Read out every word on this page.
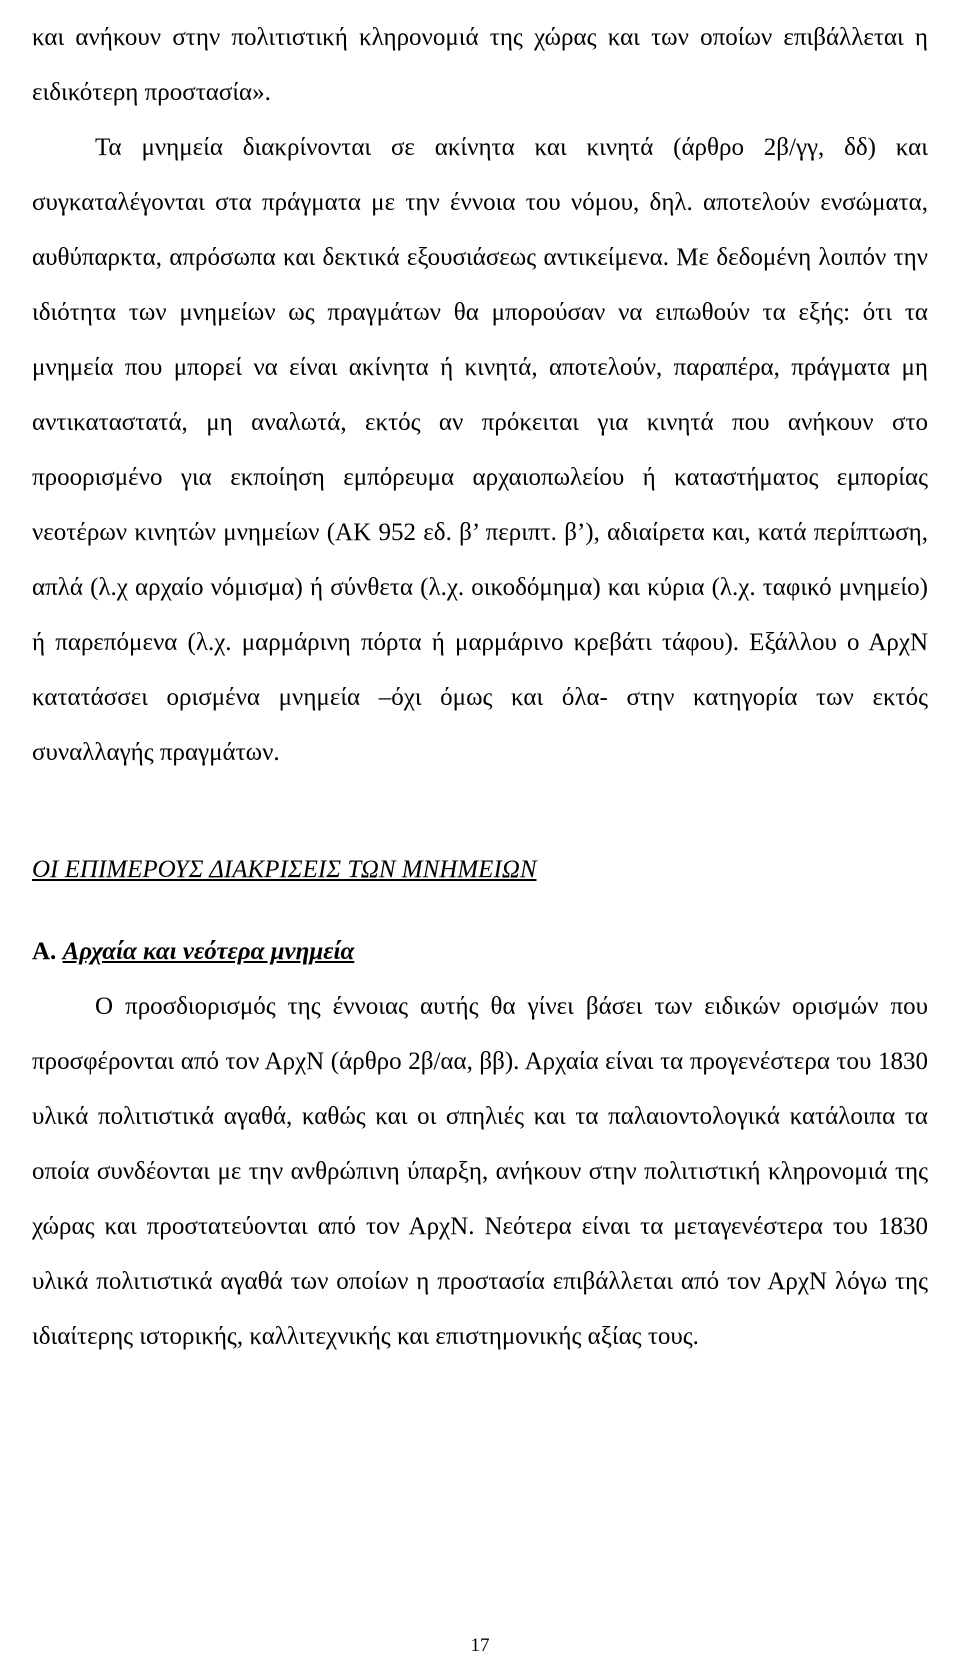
και ανήκουν στην πολιτιστική κληρονομιά της χώρας και των οποίων επιβάλλεται η ειδικότερη προστασία».

Τα μνημεία διακρίνονται σε ακίνητα και κινητά (άρθρο 2β/γγ, δδ) και συγκαταλέγονται στα πράγματα με την έννοια του νόμου, δηλ. αποτελούν ενσώματα, αυθύπαρκτα, απρόσωπα και δεκτικά εξουσιάσεως αντικείμενα. Με δεδομένη λοιπόν την ιδιότητα των μνημείων ως πραγμάτων θα μπορούσαν να ειπωθούν τα εξής: ότι τα μνημεία που μπορεί να είναι ακίνητα ή κινητά, αποτελούν, παραπέρα, πράγματα μη αντικαταστατά, μη αναλωτά, εκτός αν πρόκειται για κινητά που ανήκουν στο προορισμένο για εκποίηση εμπόρευμα αρχαιοπωλείου ή καταστήματος εμπορίας νεοτέρων κινητών μνημείων (ΑΚ 952 εδ. β’ περιπτ. β’), αδιαίρετα και, κατά περίπτωση, απλά (λ.χ αρχαίο νόμισμα) ή σύνθετα (λ.χ. οικοδόμημα) και κύρια (λ.χ. ταφικό μνημείο) ή παρεπόμενα (λ.χ. μαρμάρινη πόρτα ή μαρμάρινο κρεβάτι τάφου). Εξάλλου ο ΑρχΝ κατατάσσει ορισμένα μνημεία –όχι όμως και όλα- στην κατηγορία των εκτός συναλλαγής πραγμάτων.

ΟΙ ΕΠΙΜΕΡΟΥΣ ΔΙΑΚΡΙΣΕΙΣ ΤΩΝ ΜΝΗΜΕΙΩΝ
Α. Αρχαία και νεότερα μνημεία

Ο προσδιορισμός της έννοιας αυτής θα γίνει βάσει των ειδικών ορισμών που προσφέρονται από τον ΑρχΝ (άρθρο 2β/αα, ββ). Αρχαία είναι τα προγενέστερα του 1830 υλικά πολιτιστικά αγαθά, καθώς και οι σπηλιές και τα παλαιοντολογικά κατάλοιπα τα οποία συνδέονται με την ανθρώπινη ύπαρξη, ανήκουν στην πολιτιστική κληρονομιά της χώρας και προστατεύονται από τον ΑρχΝ. Νεότερα είναι τα μεταγενέστερα του 1830 υλικά πολιτιστικά αγαθά των οποίων η προστασία επιβάλλεται από τον ΑρχΝ λόγω της ιδιαίτερης ιστορικής, καλλιτεχνικής και επιστημονικής αξίας τους.

17
